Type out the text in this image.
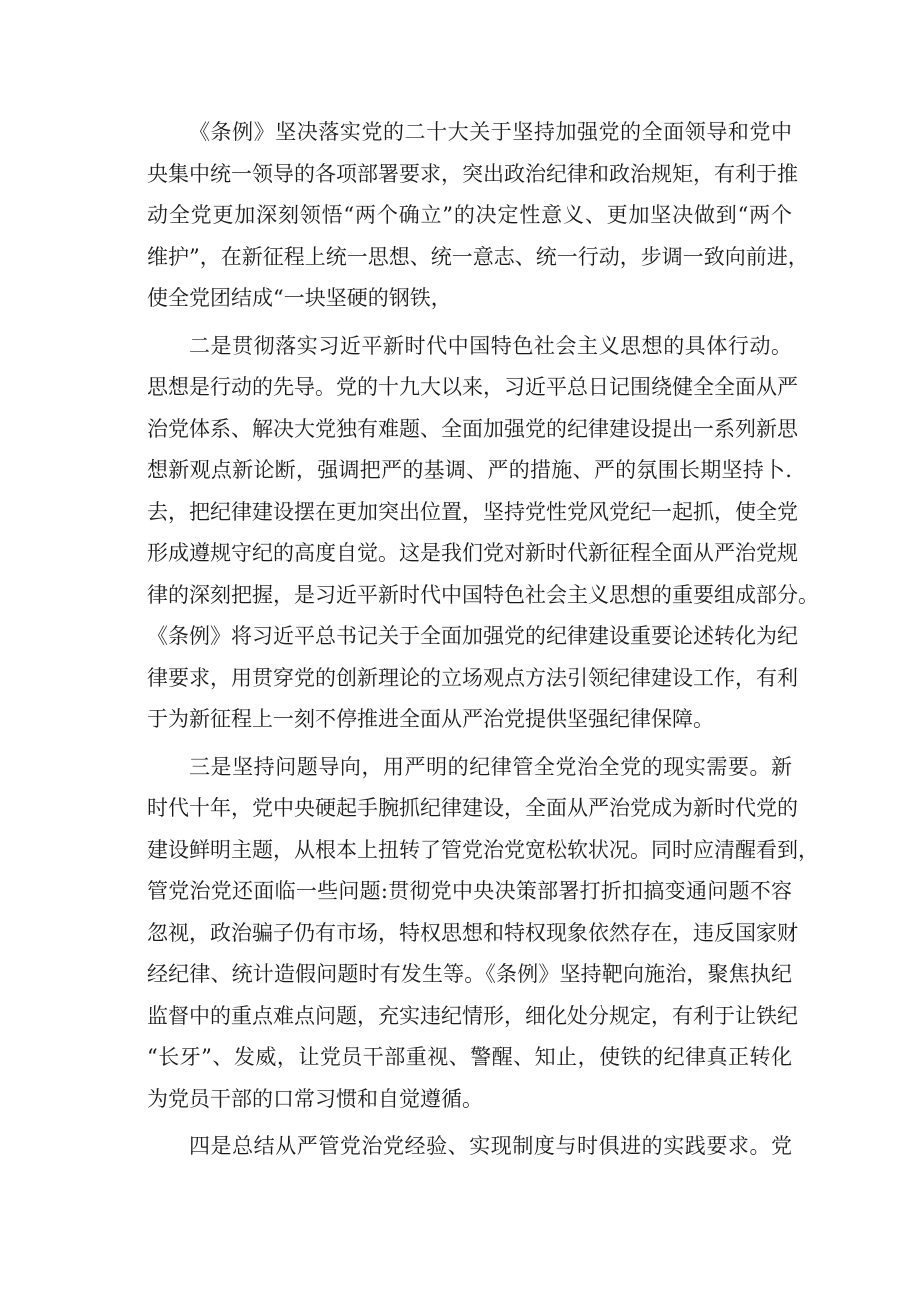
《条例》坚决落实党的二十大关于坚持加强党的全面领导和党中
央集中统一领导的各项部署要求，突出政治纪律和政治规矩，有利于推
动全党更加深刻领悟“两个确立”的决定性意义、更加坚决做到“两个
维护”，在新征程上统一思想、统一意志、统一行动，步调一致向前进，
使全党团结成“一块坚硬的钢铁，

二是贯彻落实习近平新时代中国特色社会主义思想的具体行动。
思想是行动的先导。党的十九大以来，习近平总日记围绕健全全面从严
治党体系、解决大党独有难题、全面加强党的纪律建设提出一系列新思
想新观点新论断，强调把严的基调、严的措施、严的氛围长期坚持卜.
去，把纪律建设摆在更加突出位置，坚持党性党风党纪一起抓，使全党
形成遵规守纪的高度自觉。这是我们党对新时代新征程全面从严治党规
律的深刻把握，是习近平新时代中国特色社会主义思想的重要组成部分。
《条例》将习近平总书记关于全面加强党的纪律建设重要论述转化为纪
律要求，用贯穿党的创新理论的立场观点方法引领纪律建设工作，有利
于为新征程上一刻不停推进全面从严治党提供坚强纪律保障。

三是坚持问题导向，用严明的纪律管全党治全党的现实需要。新
时代十年，党中央硬起手腕抓纪律建设，全面从严治党成为新时代党的
建设鲜明主题，从根本上扭转了管党治党宽松软状况。同时应清醒看到，
管党治党还面临一些问题:贯彻党中央决策部署打折扣搞变通问题不容
忽视，政治骗子仍有市场，特权思想和特权现象依然存在，违反国家财
经纪律、统计造假问题时有发生等。《条例》坚持靶向施治，聚焦执纪
监督中的重点难点问题，充实违纪情形，细化处分规定，有利于让铁纪
“长牙”、发威，让党员干部重视、警醒、知止，使铁的纪律真正转化
为党员干部的口常习惯和自觉遵循。

四是总结从严管党治党经验、实现制度与时俱进的实践要求。党
